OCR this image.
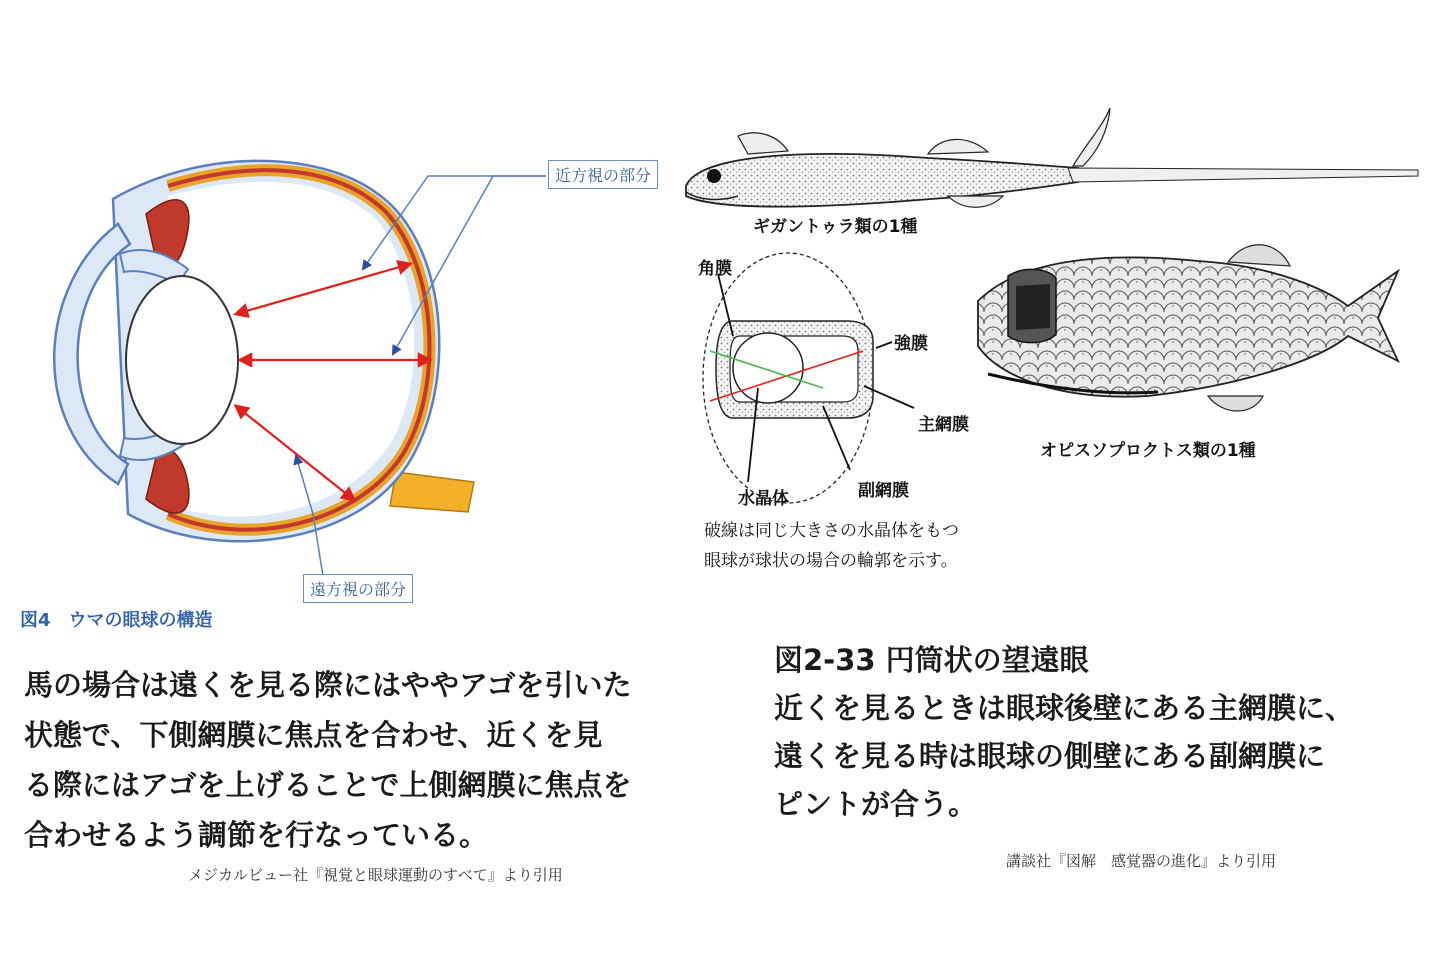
近方視の部分
遠方視の部分
図4　ウマの眼球の構造
ギガントゥラ類の1種
オピスソプロクトス類の1種
角膜
強膜
主網膜
副網膜
水晶体
破線は同じ大きさの水晶体をもつ
眼球が球状の場合の輪郭を示す。
馬の場合は遠くを見る際にはややアゴを引いた
状態で、下側網膜に焦点を合わせ、近くを見
る際にはアゴを上げることで上側網膜に焦点を
合わせるよう調節を行なっている。
メジカルビュー社『視覚と眼球運動のすべて』より引用
図2-33 円筒状の望遠眼
近くを見るときは眼球後壁にある主網膜に、
遠くを見る時は眼球の側壁にある副網膜に
ピントが合う。
講談社『図解　感覚器の進化』より引用
